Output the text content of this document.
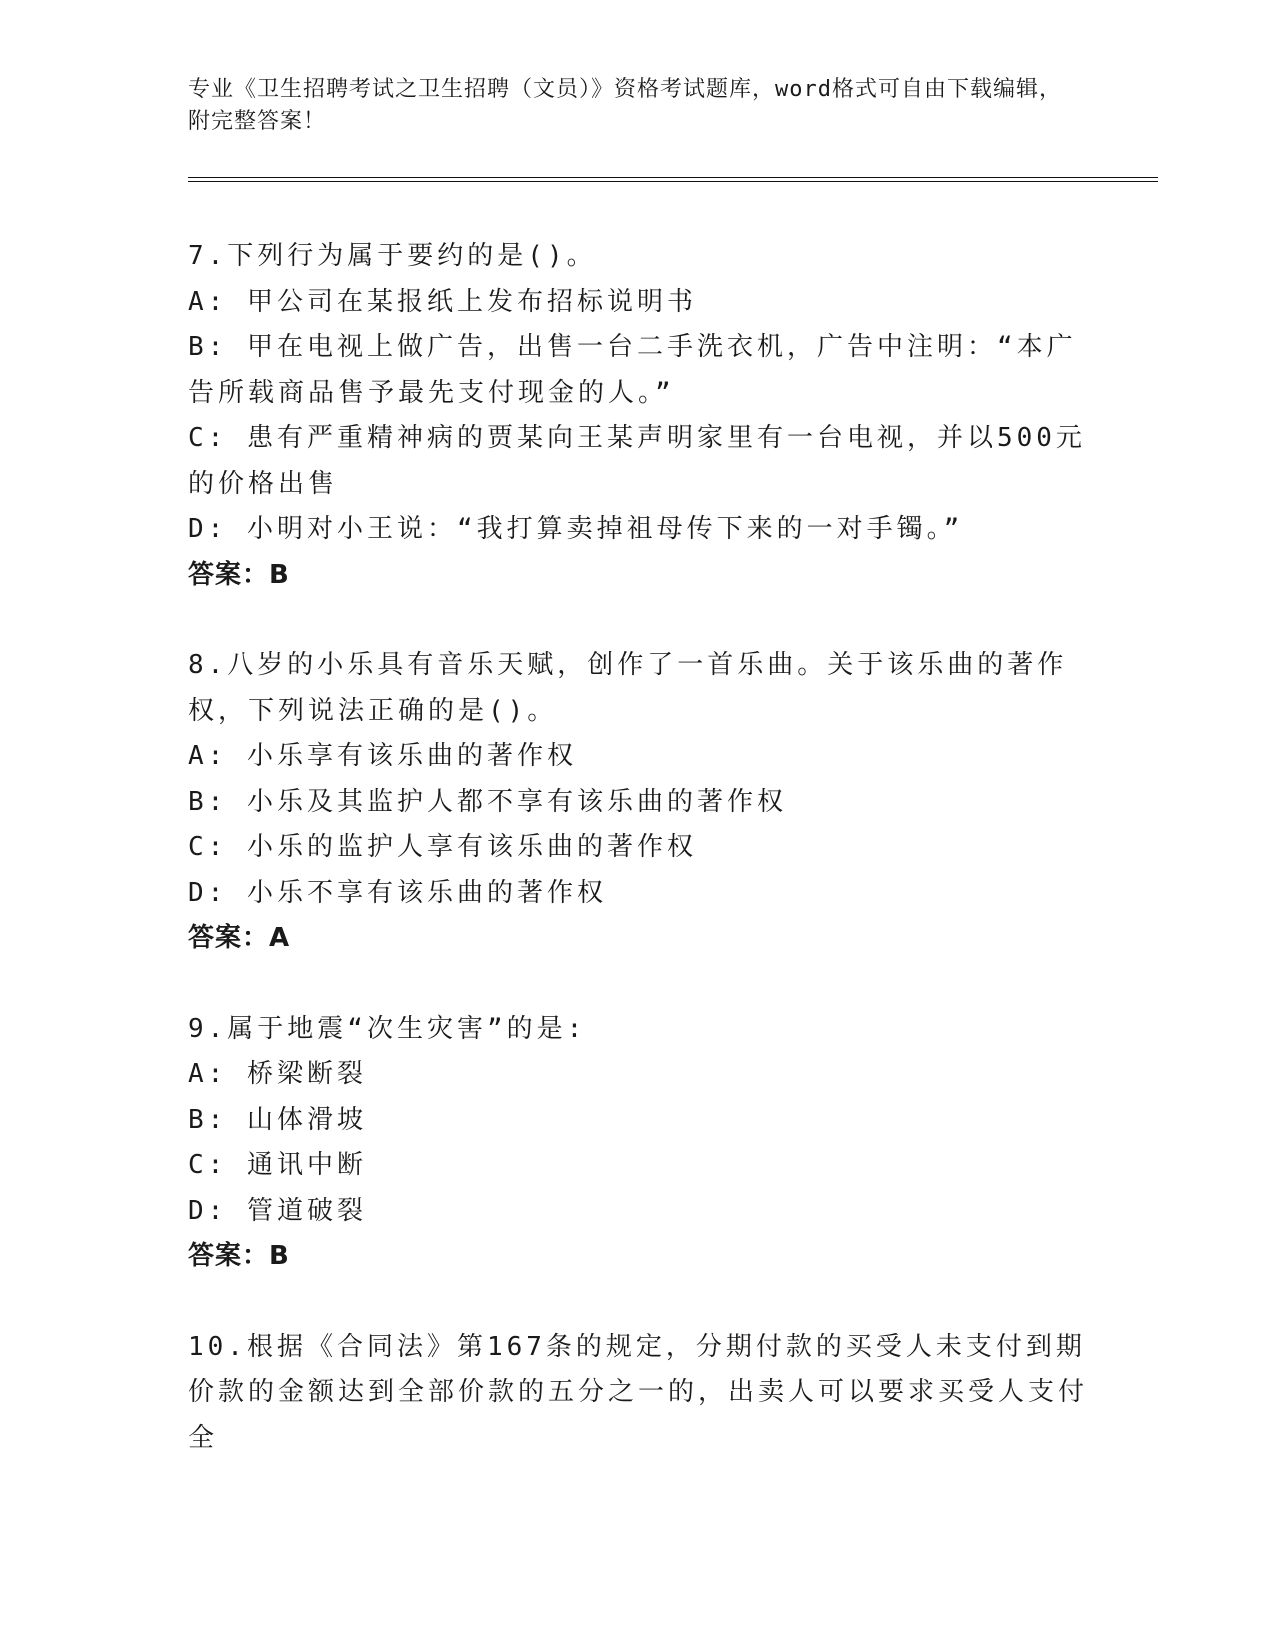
专业《卫生招聘考试之卫生招聘（文员）》资格考试题库，word格式可自由下载编辑，附完整答案！
7.下列行为属于要约的是()。
A: 甲公司在某报纸上发布招标说明书
B: 甲在电视上做广告，出售一台二手洗衣机，广告中注明：“本广告所载商品售予最先支付现金的人。”
C: 患有严重精神病的贾某向王某声明家里有一台电视，并以500元的价格出售
D: 小明对小王说：“我打算卖掉祖母传下来的一对手镯。”
答案：B
8.八岁的小乐具有音乐天赋，创作了一首乐曲。关于该乐曲的著作权，下列说法正确的是()。
A: 小乐享有该乐曲的著作权
B: 小乐及其监护人都不享有该乐曲的著作权
C: 小乐的监护人享有该乐曲的著作权
D: 小乐不享有该乐曲的著作权
答案：A
9.属于地震“次生灾害”的是:
A: 桥梁断裂
B: 山体滑坡
C: 通讯中断
D: 管道破裂
答案：B
10.根据《合同法》第167条的规定，分期付款的买受人未支付到期价款的金额达到全部价款的五分之一的，出卖人可以要求买受人支付全
